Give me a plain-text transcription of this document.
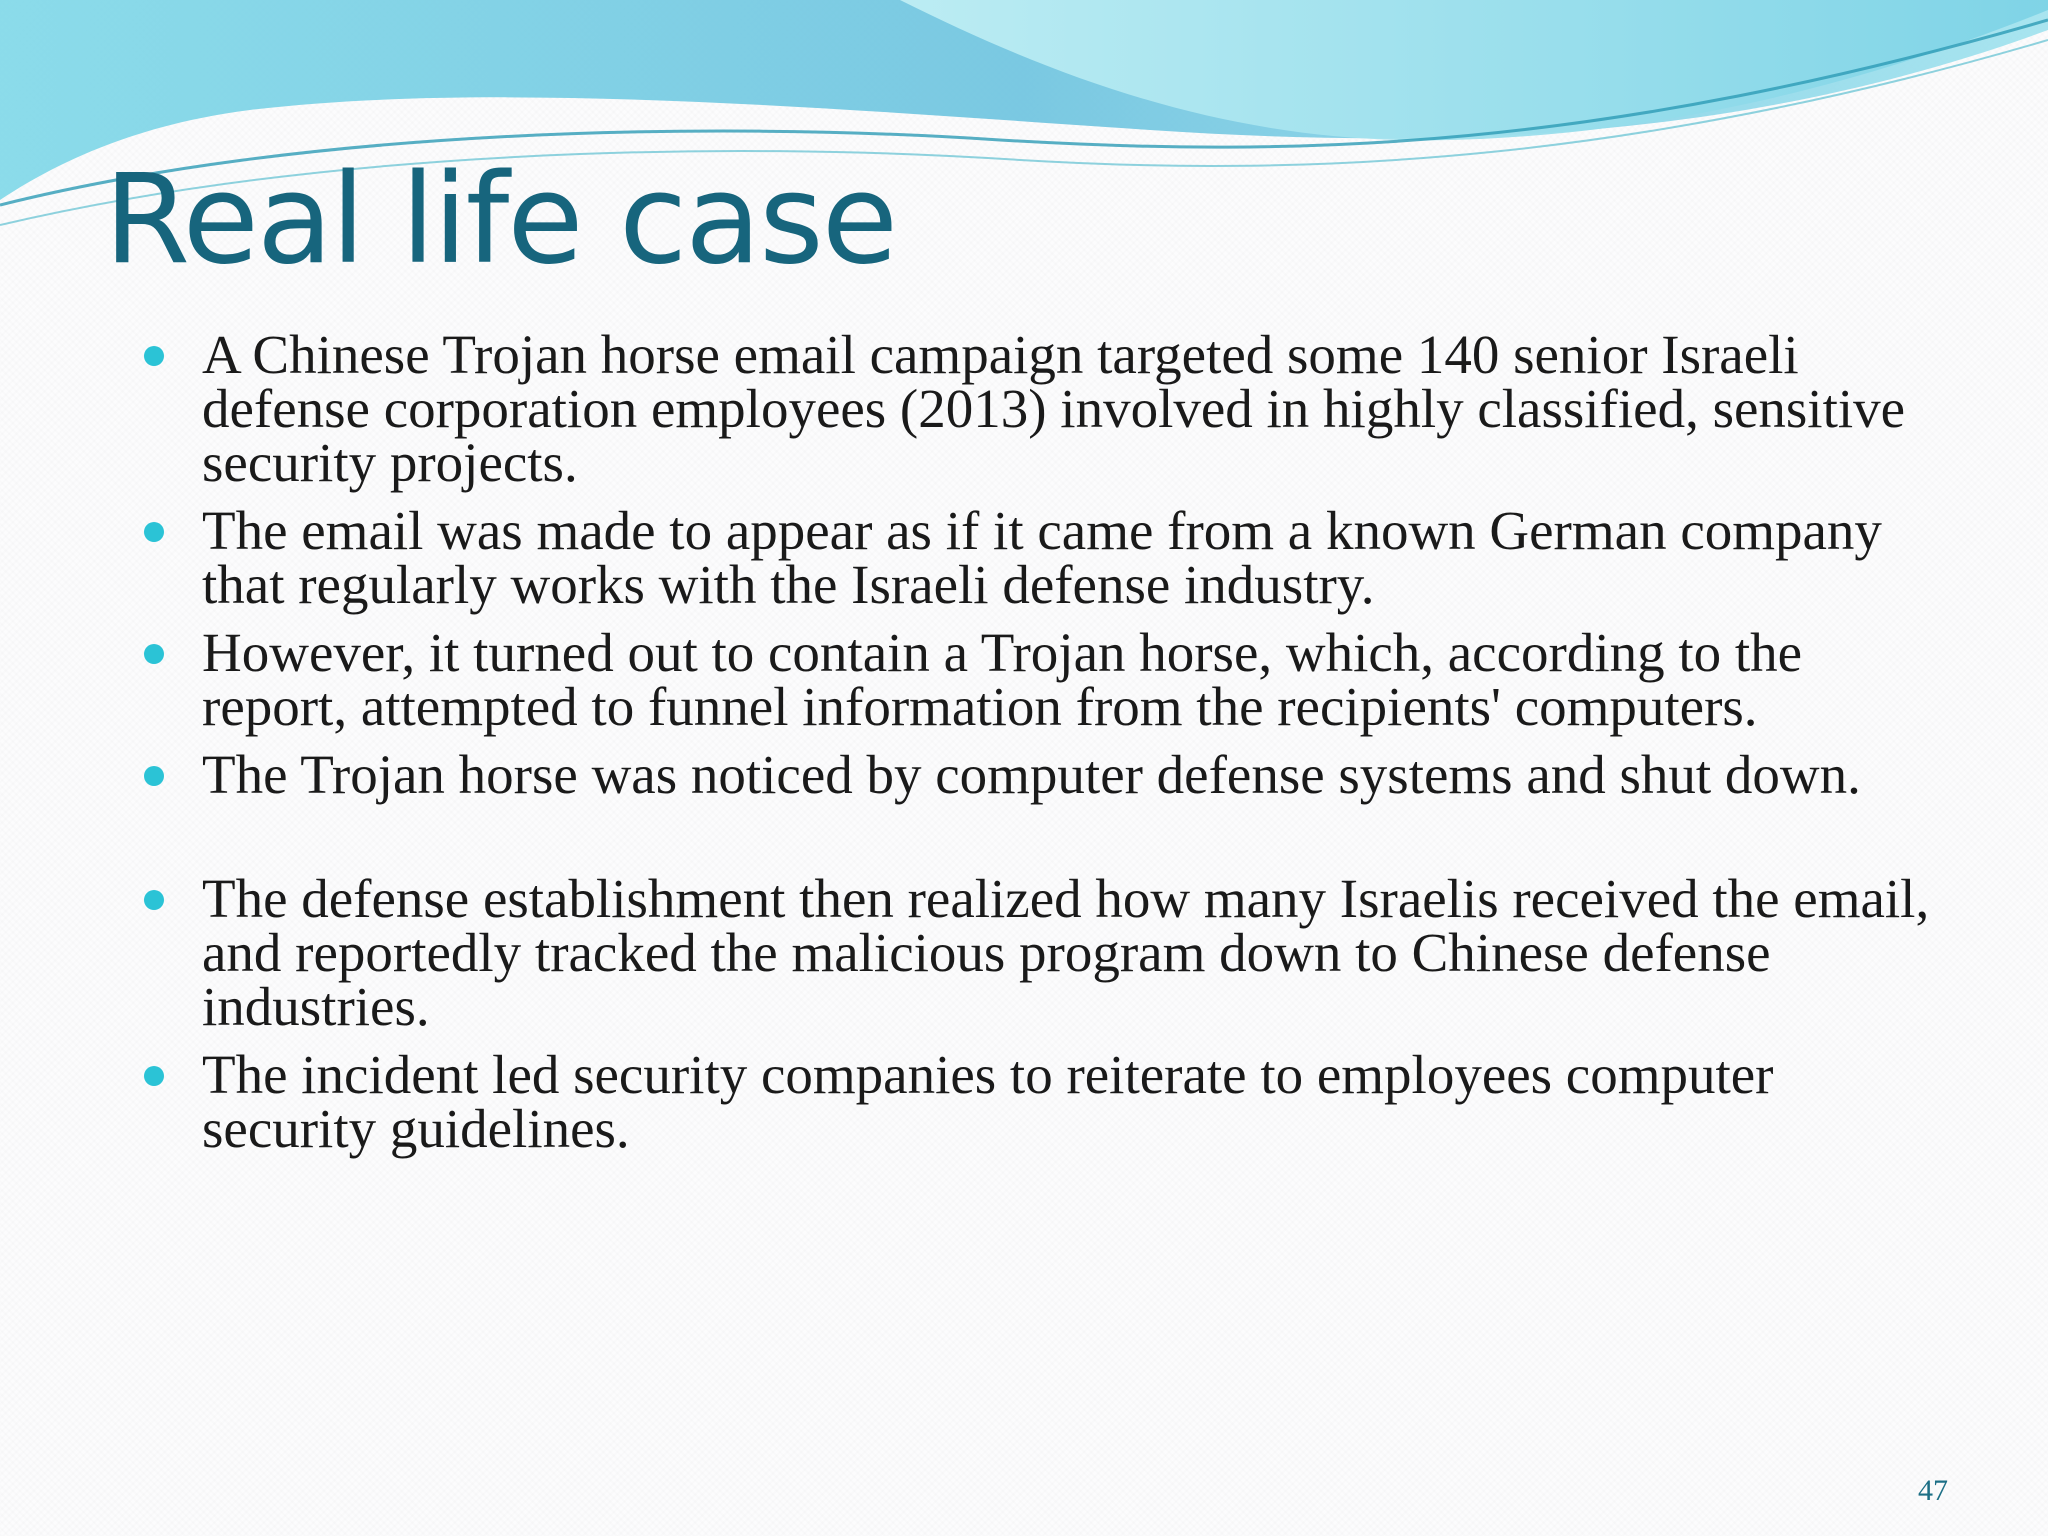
Real life case
A Chinese Trojan horse email campaign targeted some 140 senior Israeli defense corporation employees (2013) involved in highly classified, sensitive security projects.
The email was made to appear as if it came from a known German company that regularly works with the Israeli defense industry.
However, it turned out to contain a Trojan horse, which, according to the report, attempted to funnel information from the recipients' computers.
The Trojan horse was noticed by computer defense systems and shut down.
The defense establishment then realized how many Israelis received the email, and reportedly tracked the malicious program down to Chinese defense industries.
The incident led security companies to reiterate to employees computer security guidelines.
47
